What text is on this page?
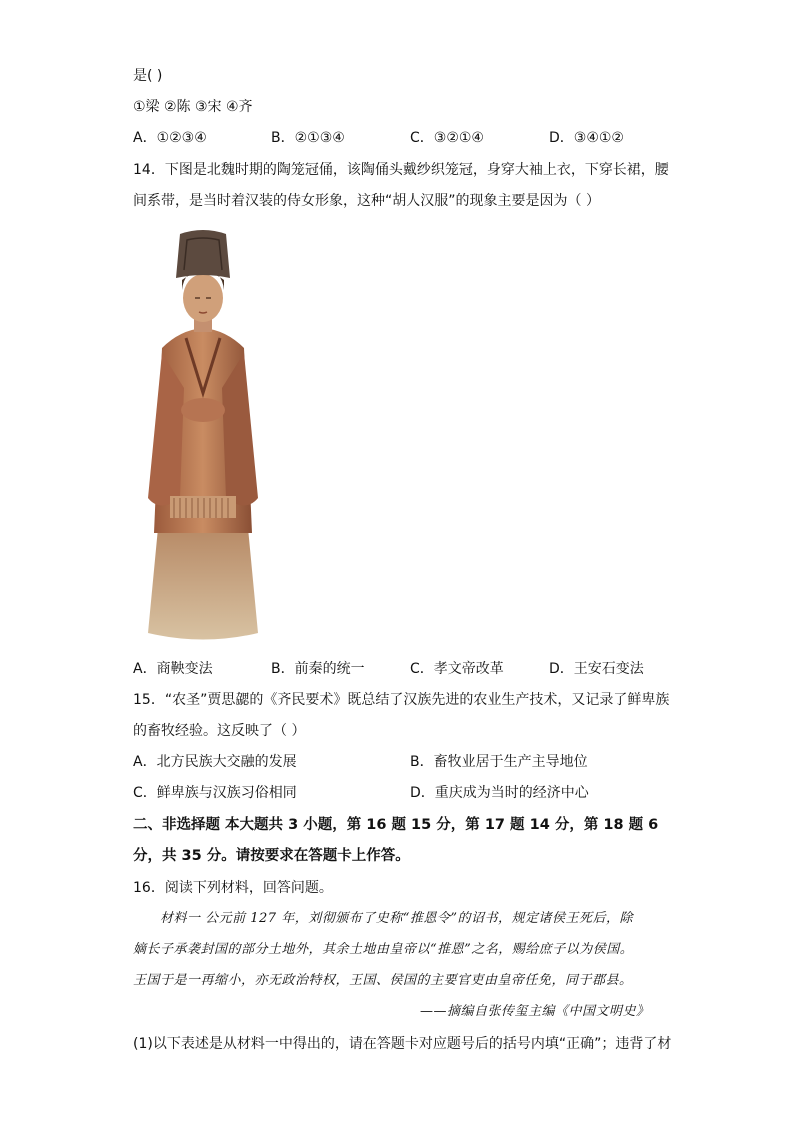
是( )
①梁 ②陈 ③宋 ④齐
A．①②③④	B．②①③④	C．③②①④	D．③④①②
14．下图是北魏时期的陶笼冠俑，该陶俑头戴纱织笼冠，身穿大袖上衣，下穿长裙，腰
间系带，是当时着汉装的侍女形象，这种“胡人汉服”的现象主要是因为（ ）
A．商鞅变法	B．前秦的统一	C．孝文帝改革	D．王安石变法
15．“农圣”贾思勰的《齐民要术》既总结了汉族先进的农业生产技术，又记录了鲜卑族
的畜牧经验。这反映了（ ）
A．北方民族大交融的发展	B．畜牧业居于生产主导地位
C．鲜卑族与汉族习俗相同	D．重庆成为当时的经济中心
二、非选择题 本大题共 3 小题，第 16 题 15 分，第 17 题 14 分，第 18 题 6
分，共 35 分。请按要求在答题卡上作答。
16．阅读下列材料，回答问题。
材料一 公元前 127 年，刘彻颁布了史称“推恩令”的诏书，规定诸侯王死后，除
嫡长子承袭封国的部分土地外，其余土地由皇帝以“推恩”之名，赐给庶子以为侯国。
王国于是一再缩小，亦无政治特权，王国、侯国的主要官吏由皇帝任免，同于郡县。
——摘编自张传玺主编《中国文明史》
(1)以下表述是从材料一中得出的，请在答题卡对应题号后的括号内填“正确”；违背了材
